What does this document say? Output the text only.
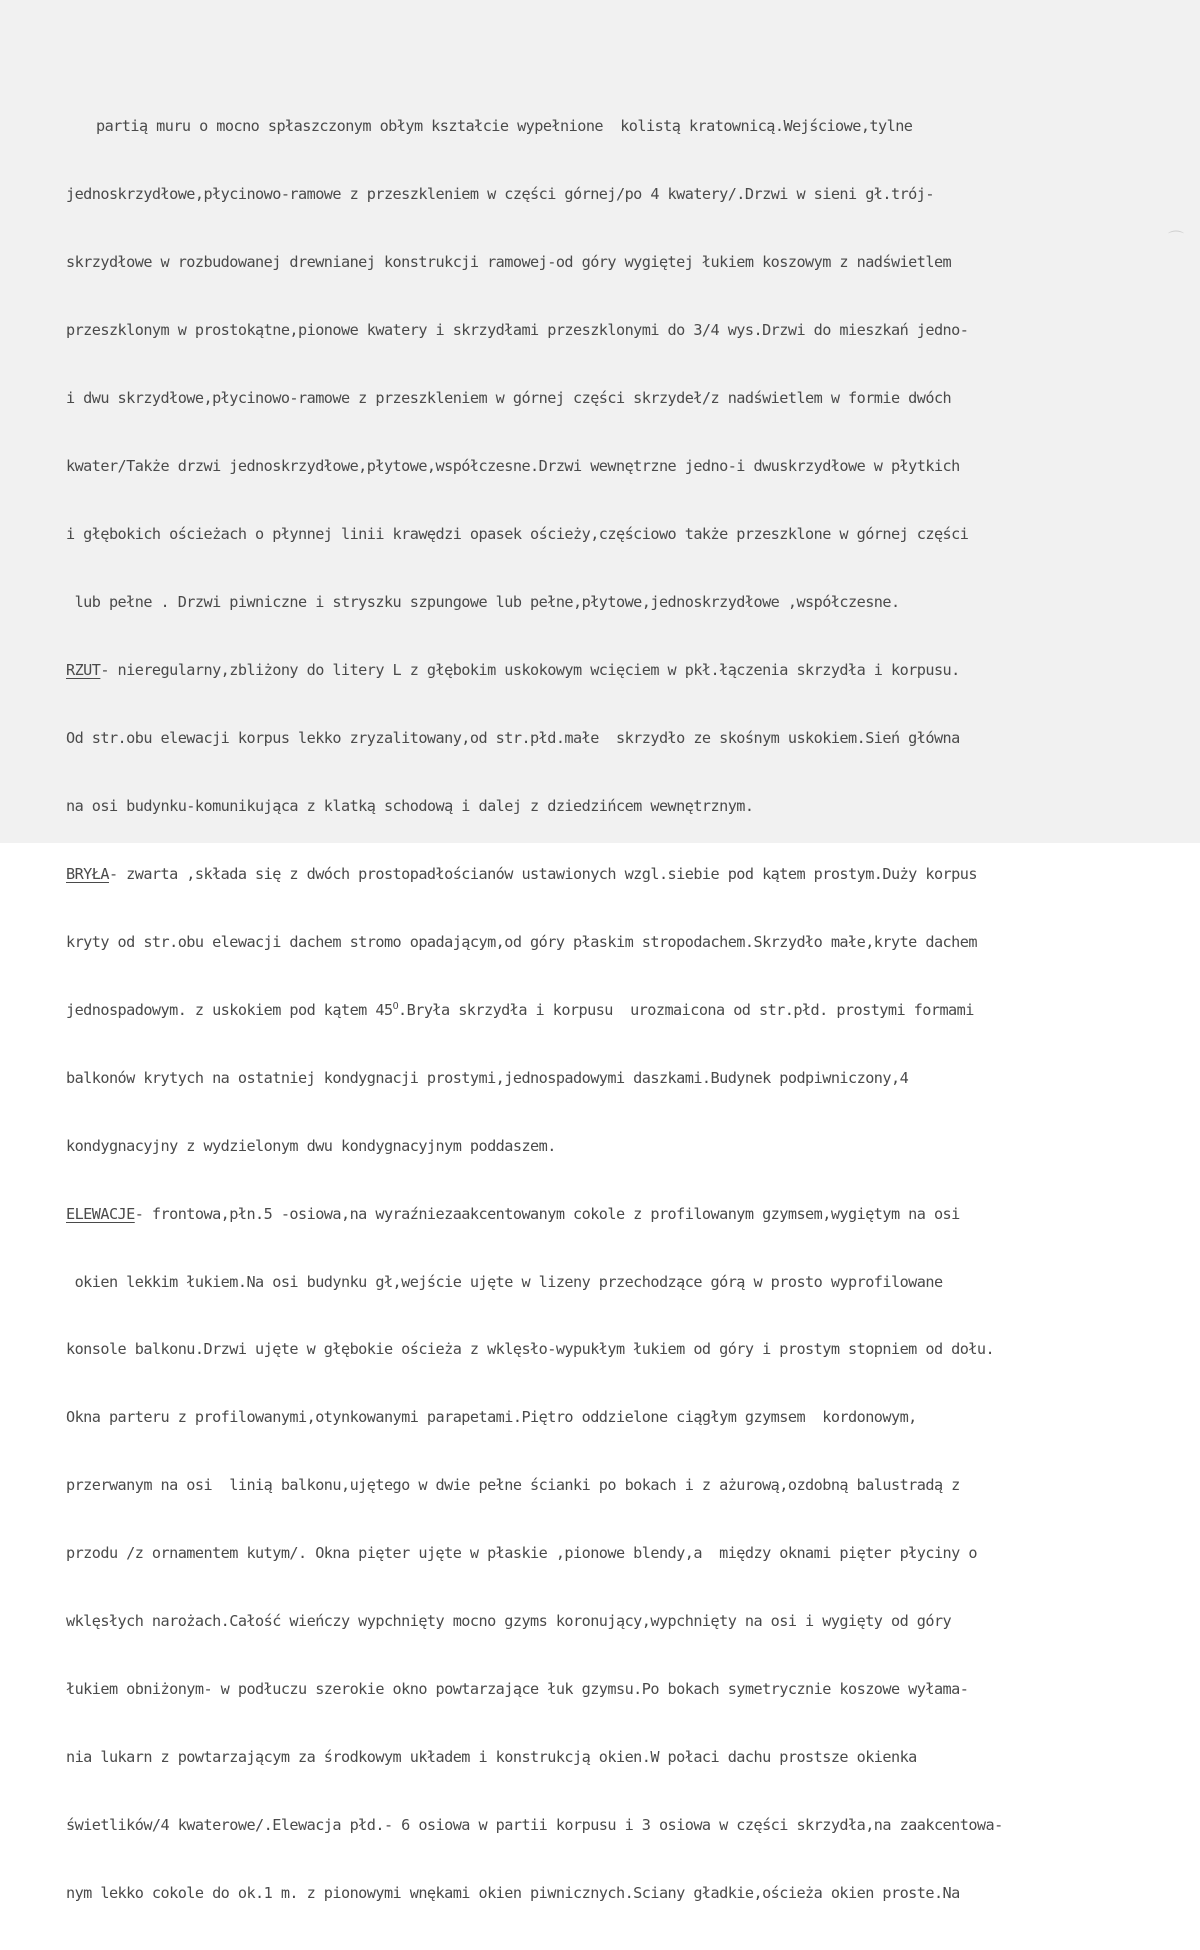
partią muru o mocno spłaszczonym obłym kształcie wypełnione  kolistą kratownicą.Wejściowe,tylne

jednoskrzydłowe,płycinowo-ramowe z przeszkleniem w części górnej/po 4 kwatery/.Drzwi w sieni gł.trój-

skrzydłowe w rozbudowanej drewnianej konstrukcji ramowej-od góry wygiętej łukiem koszowym z nadświetlem

przeszklonym w prostokątne,pionowe kwatery i skrzydłami przeszklonymi do 3/4 wys.Drzwi do mieszkań jedno-

i dwu skrzydłowe,płycinowo-ramowe z przeszkleniem w górnej części skrzydeł/z nadświetlem w formie dwóch

kwater/Także drzwi jednoskrzydłowe,płytowe,współczesne.Drzwi wewnętrzne jedno-i dwuskrzydłowe w płytkich

i głębokich ościeżach o płynnej linii krawędzi opasek ościeży,częściowo także przeszklone w górnej części

lub pełne . Drzwi piwniczne i stryszku szpungowe lub pełne,płytowe,jednoskrzydłowe ,współczesne.

RZUT- nieregularny,zbliżony do litery L z głębokim uskokowym wcięciem w pkł.łączenia skrzydła i korpusu.

Od str.obu elewacji korpus lekko zryzalitowany,od str.płd.małe  skrzydło ze skośnym uskokiem.Sień główna

na osi budynku-komunikująca z klatką schodową i dalej z dziedzińcem wewnętrznym.

BRYŁA- zwarta ,składa się z dwóch prostopadłościanów ustawionych wzgl.siebie pod kątem prostym.Duży korpus

kryty od str.obu elewacji dachem stromo opadającym,od góry płaskim stropodachem.Skrzydło małe,kryte dachem

jednospadowym. z uskokiem pod kątem $45^O.Bryła$ skrzydła i korpusu  urozmaicona od str.płd. prostymi formami

balkonów krytych na ostatniej kondygnacji prostymi,jednospadowymi daszkami.Budynek podpiwniczony,4

kondygnacyjny z wydzielonym dwu kondygnacyjnym poddaszem.

ELEWACJE- frontowa,płn.5 -osiowa,na wyraźniezaakcentowanym cokole z profilowanym gzymsem,wygiętym na osi

okien lekkim łukiem.Na osi budynku gł,wejście ujęte w lizeny przechodzące górą w prosto wyprofilowane

konsole balkonu.Drzwi ujęte w głębokie ościeża z wklęsło-wypukłym łukiem od góry i prostym stopniem od dołu.

Okna parteru z profilowanymi,otynkowanymi parapetami.Piętro oddzielone ciągłym gzymsem  kordonowym,

przerwanym na osi  linią balkonu,ujętego w dwie pełne ścianki po bokach i z ażurową,ozdobną balustradą z

przodu /z ornamentem kutym/. Okna pięter ujęte w płaskie ,pionowe blendy,a  między oknami pięter płyciny o

wklęsłych narożach.Całość wieńczy wypchnięty mocno gzyms koronujący,wypchnięty na osi i wygięty od góry

łukiem obniżonym- w podłuczu szerokie okno powtarzające łuk gzymsu.Po bokach symetrycznie koszowe wyłama-

nia lukarn z powtarzającym za środkowym układem i konstrukcją okien.W połaci dachu prostsze okienka

świetlików/4 kwaterowe/.Elewacja płd.- 6 osiowa w partii korpusu i 3 osiowa w części skrzydła,na zaakcentowa-

nym lekko cokole do ok.1 m. z pionowymi wnękami okien piwnicznych.Sciany gładkie,ościeża okien proste.Na

⌒
